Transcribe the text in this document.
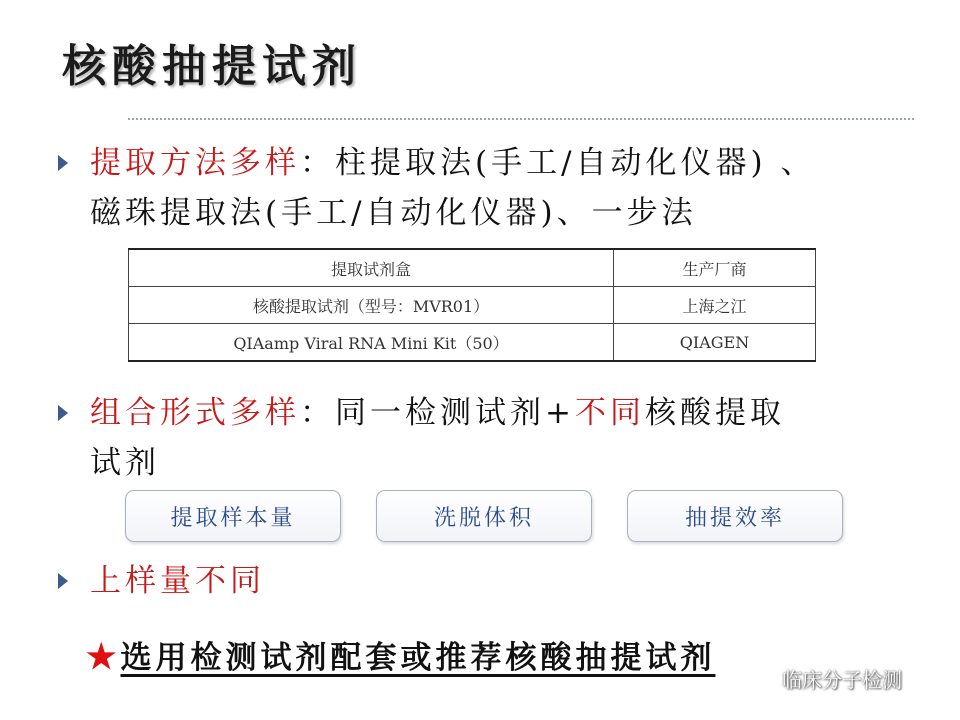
核酸抽提试剂
提取方法多样：柱提取法(手工/自动化仪器) 、
磁珠提取法(手工/自动化仪器)、一步法
提取试剂盒	生产厂商
核酸提取试剂（型号：MVR01）	上海之江
QIAamp Viral RNA Mini Kit（50）	QIAGEN
组合形式多样：同一检测试剂+不同核酸提取
试剂
提取样本量	洗脱体积	抽提效率
上样量不同
★选用检测试剂配套或推荐核酸抽提试剂
临床分子检测
